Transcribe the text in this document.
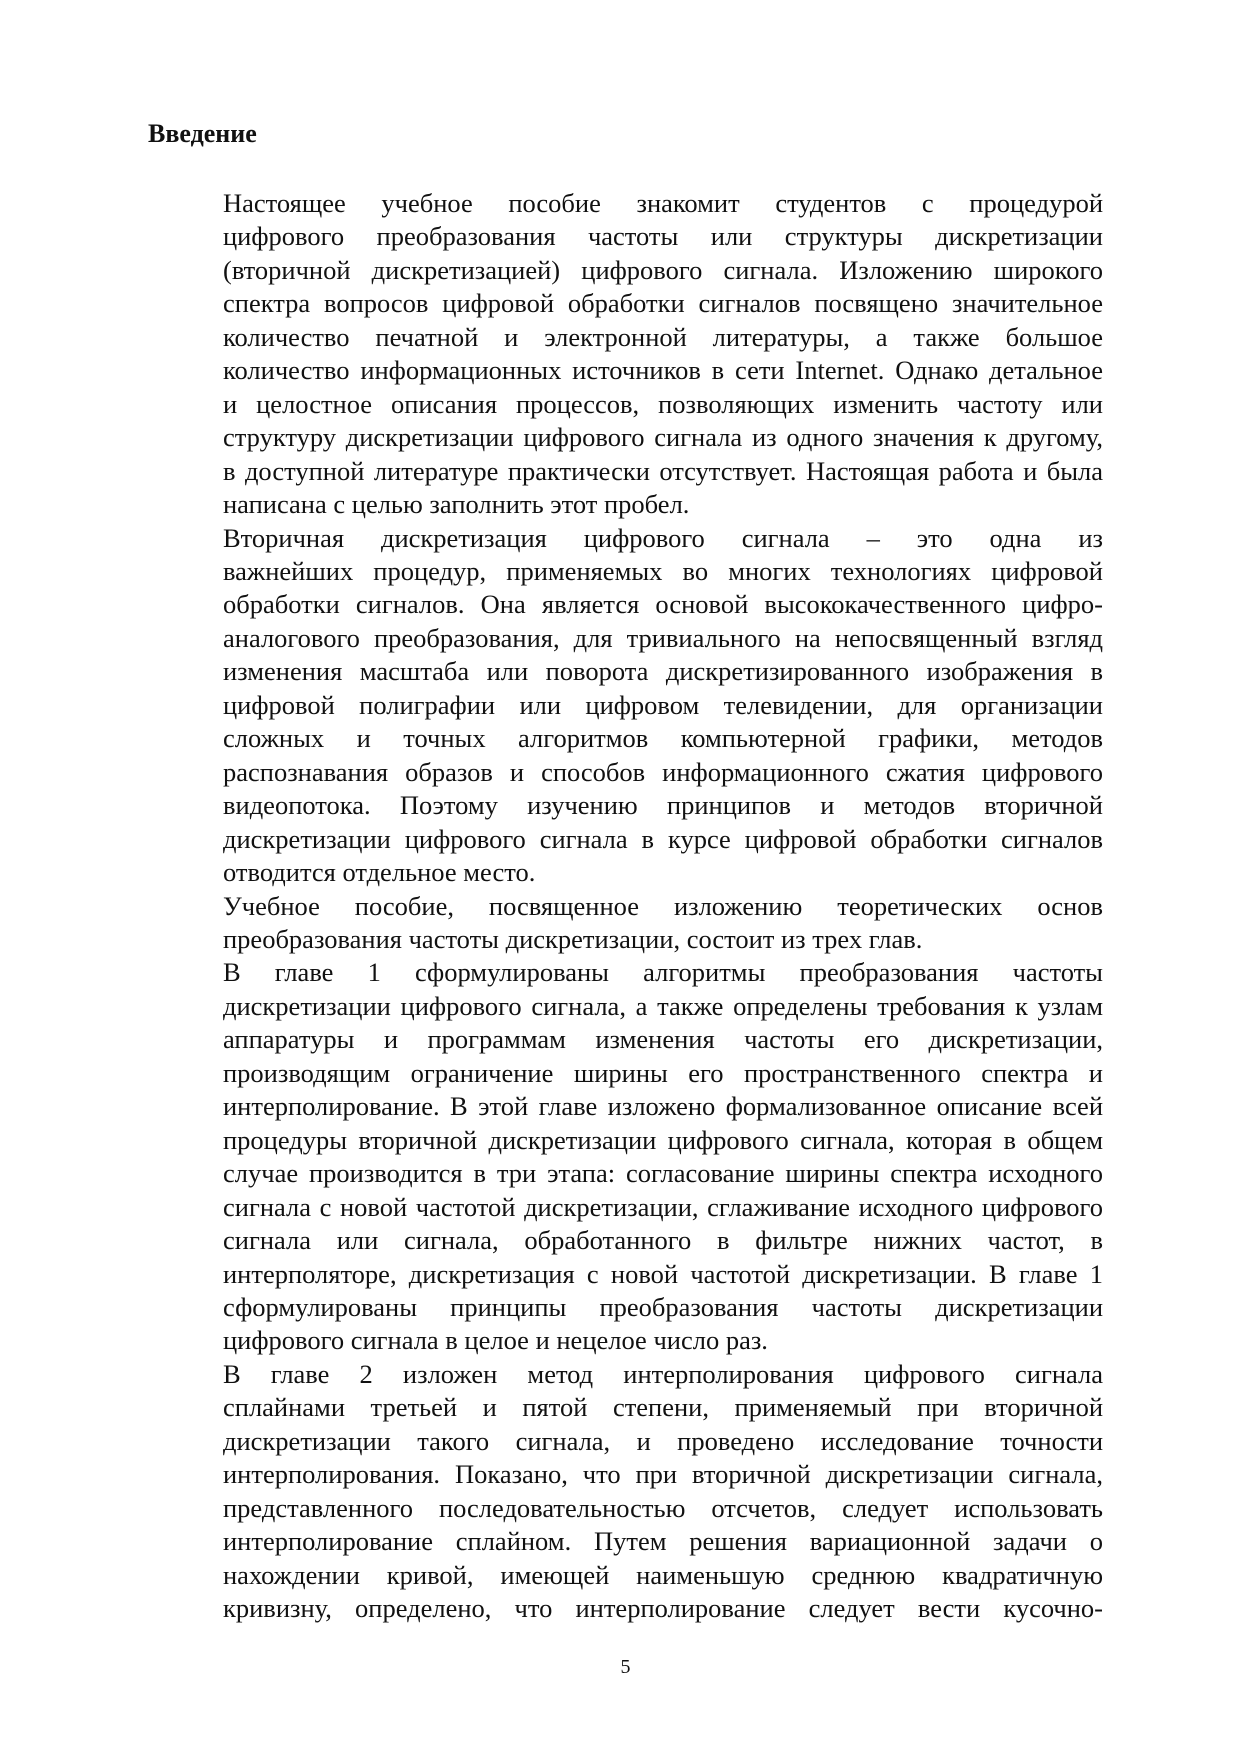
Введение

Настоящее учебное пособие знакомит студентов с процедурой
цифрового преобразования частоты или структуры дискретизации
(вторичной дискретизацией) цифрового сигнала. Изложению широкого
спектра вопросов цифровой обработки сигналов посвящено значительное
количество печатной и электронной литературы, а также большое
количество информационных источников в сети Internet. Однако детальное
и целостное описания процессов, позволяющих изменить частоту или
структуру дискретизации цифрового сигнала из одного значения к другому,
в доступной литературе практически отсутствует. Настоящая работа и была
написана с целью заполнить этот пробел.

Вторичная дискретизация цифрового сигнала – это одна из
важнейших процедур, применяемых во многих технологиях цифровой
обработки сигналов. Она является основой высококачественного цифро-
аналогового преобразования, для тривиального на непосвященный взгляд
изменения масштаба или поворота дискретизированного изображения в
цифровой полиграфии или цифровом телевидении, для организации
сложных и точных алгоритмов компьютерной графики, методов
распознавания образов и способов информационного сжатия цифрового
видеопотока. Поэтому изучению принципов и методов вторичной
дискретизации цифрового сигнала в курсе цифровой обработки сигналов
отводится отдельное место.

Учебное пособие, посвященное изложению теоретических основ
преобразования частоты дискретизации, состоит из трех глав.

В главе 1 сформулированы алгоритмы преобразования частоты
дискретизации цифрового сигнала, а также определены требования к узлам
аппаратуры и программам изменения частоты его дискретизации,
производящим ограничение ширины его пространственного спектра и
интерполирование. В этой главе изложено формализованное описание всей
процедуры вторичной дискретизации цифрового сигнала, которая в общем
случае производится в три этапа: согласование ширины спектра исходного
сигнала с новой частотой дискретизации, сглаживание исходного цифрового
сигнала или сигнала, обработанного в фильтре нижних частот, в
интерполяторе, дискретизация с новой частотой дискретизации. В главе 1
сформулированы принципы преобразования частоты дискретизации
цифрового сигнала в целое и нецелое число раз.

В главе 2 изложен метод интерполирования цифрового сигнала
сплайнами третьей и пятой степени, применяемый при вторичной
дискретизации такого сигнала, и проведено исследование точности
интерполирования. Показано, что при вторичной дискретизации сигнала,
представленного последовательностью отсчетов, следует использовать
интерполирование сплайном. Путем решения вариационной задачи о
нахождении кривой, имеющей наименьшую среднюю квадратичную
кривизну, определено, что интерполирование следует вести кусочно-

5
